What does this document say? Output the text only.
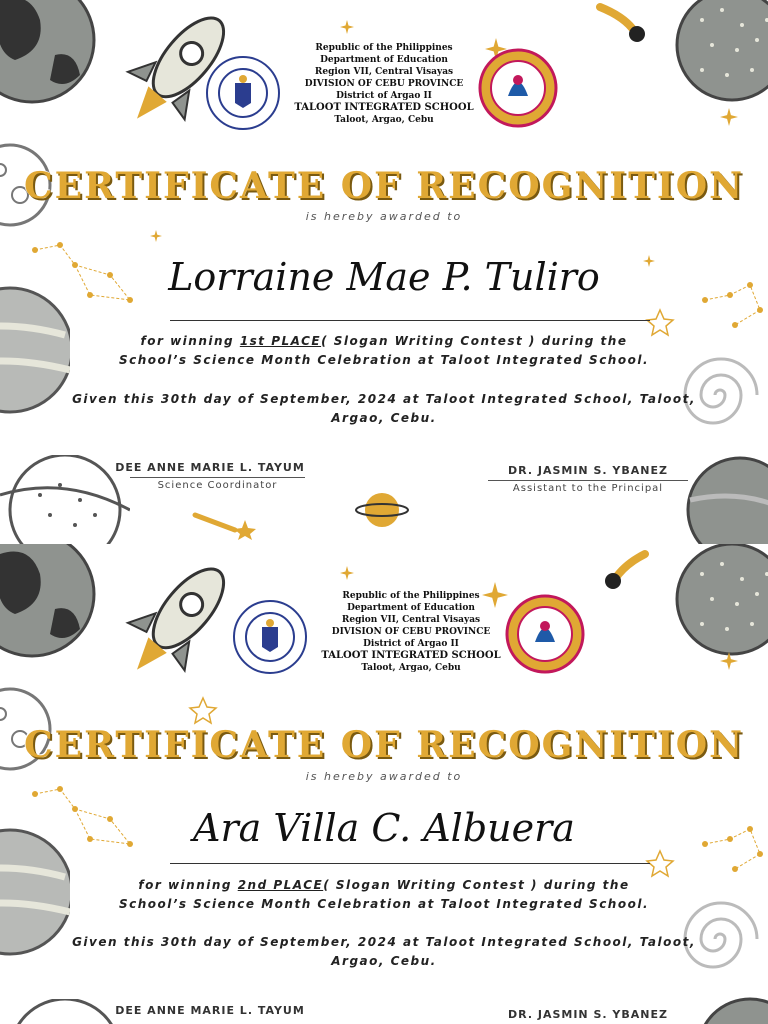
Republic of the Philippines
Department of Education
Region VII, Central Visayas
DIVISION OF CEBU PROVINCE
District of Argao II
TALOOT INTEGRATED SCHOOL
Taloot, Argao, Cebu
CERTIFICATE OF RECOGNITION
is hereby awarded to
Lorraine Mae P. Tuliro
for winning 1st PLACE( Slogan Writing Contest ) during the
School’s Science Month Celebration at Taloot Integrated School.
Given this 30th day of September, 2024 at Taloot Integrated School, Taloot, Argao, Cebu.
DEE ANNE MARIE L. TAYUM
Science Coordinator
DR. JASMIN S. YBANEZ
Assistant to the Principal
Republic of the Philippines
Department of Education
Region VII, Central Visayas
DIVISION OF CEBU PROVINCE
District of Argao II
TALOOT INTEGRATED SCHOOL
Taloot, Argao, Cebu
CERTIFICATE OF RECOGNITION
is hereby awarded to
Ara Villa C. Albuera
for winning 2nd PLACE( Slogan Writing Contest ) during the
School’s Science Month Celebration at Taloot Integrated School.
Given this 30th day of September, 2024 at Taloot Integrated School, Taloot, Argao, Cebu.
DEE ANNE MARIE L. TAYUM	DR. JASMIN S. YBANEZ
